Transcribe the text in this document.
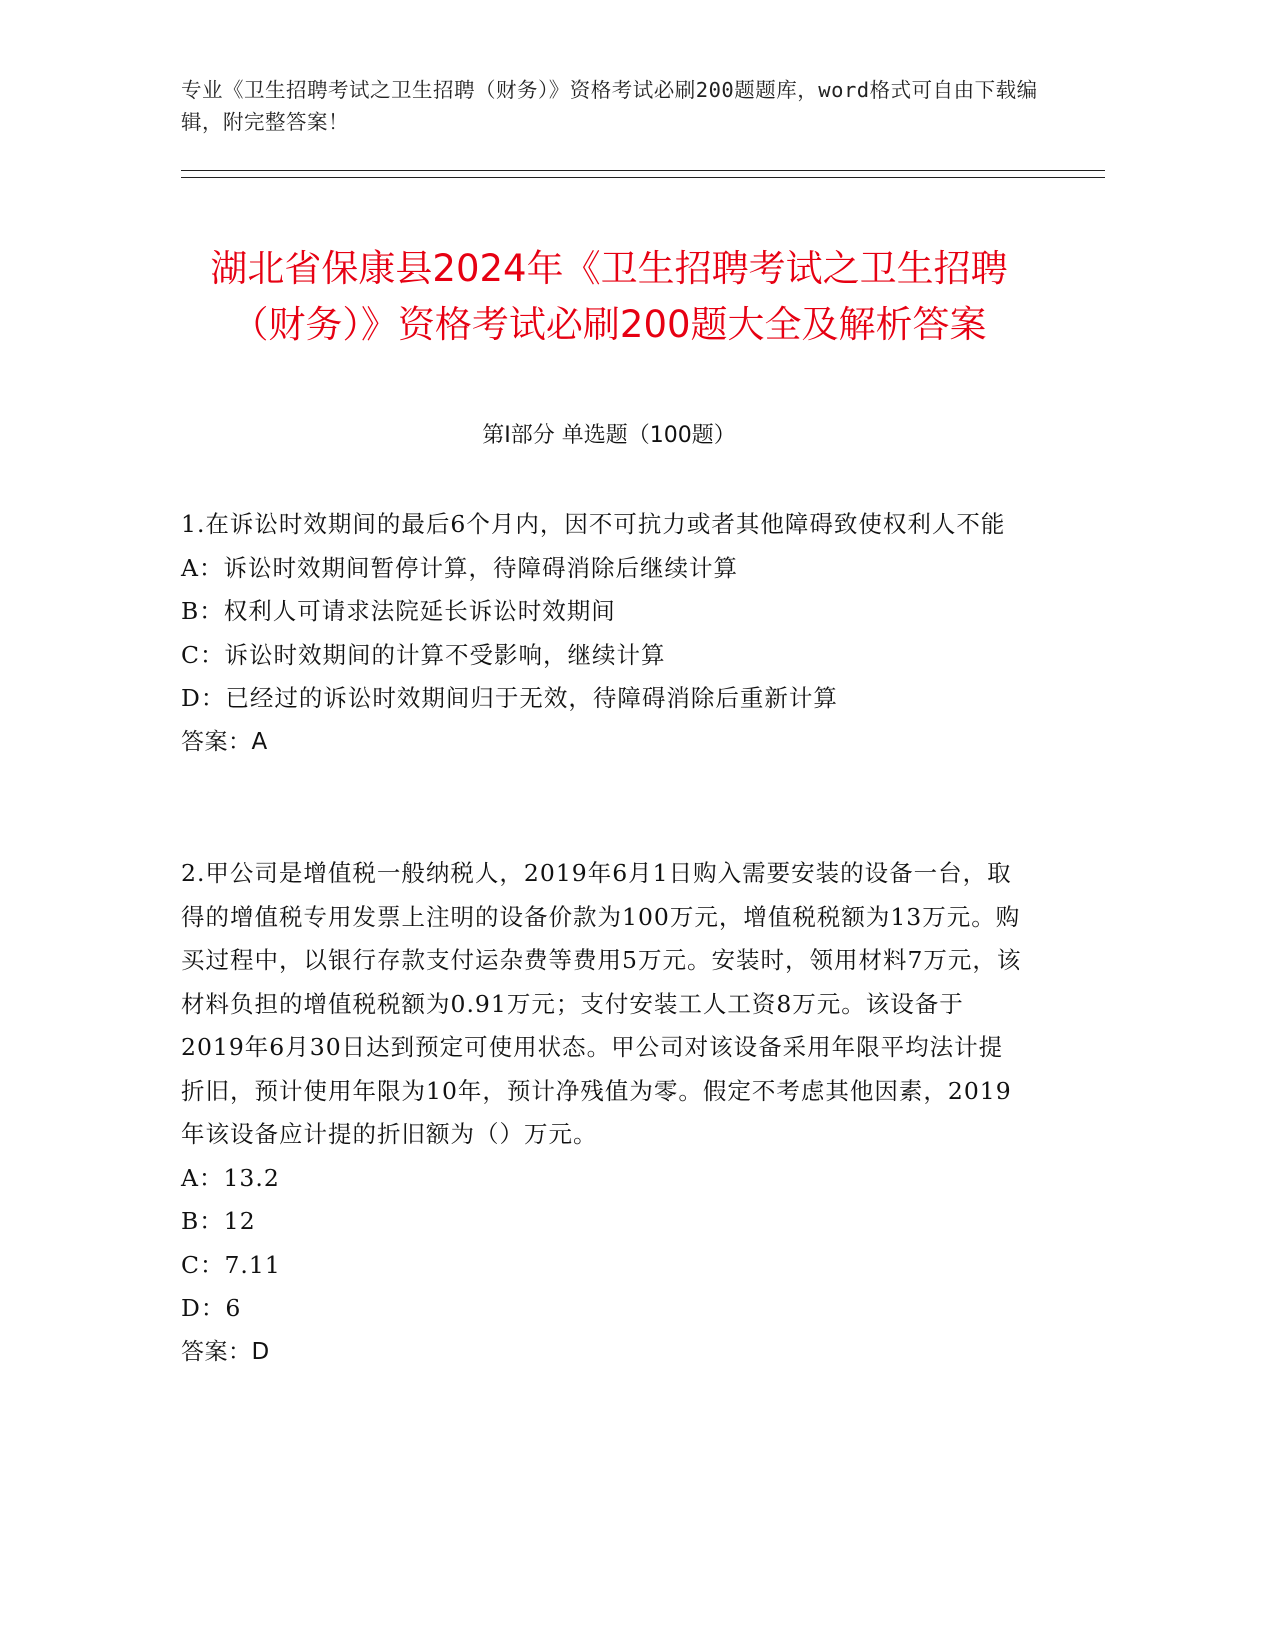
专业《卫生招聘考试之卫生招聘（财务）》资格考试必刷200题题库，word格式可自由下载编辑，附完整答案！
湖北省保康县2024年《卫生招聘考试之卫生招聘（财务）》资格考试必刷200题大全及解析答案
第Ⅰ部分 单选题（100题）

1.在诉讼时效期间的最后6个月内，因不可抗力或者其他障碍致使权利人不能

A：诉讼时效期间暂停计算，待障碍消除后继续计算

B：权利人可请求法院延长诉讼时效期间

C：诉讼时效期间的计算不受影响，继续计算

D：已经过的诉讼时效期间归于无效，待障碍消除后重新计算

答案：A

2.甲公司是增值税一般纳税人，2019年6月1日购入需要安装的设备一台，取得的增值税专用发票上注明的设备价款为100万元，增值税税额为13万元。购买过程中，以银行存款支付运杂费等费用5万元。安装时，领用材料7万元，该材料负担的增值税税额为0.91万元；支付安装工人工资8万元。该设备于2019年6月30日达到预定可使用状态。甲公司对该设备采用年限平均法计提折旧，预计使用年限为10年，预计净残值为零。假定不考虑其他因素，2019年该设备应计提的折旧额为（）万元。

A：13.2

B：12

C：7.11

D：6

答案：D
